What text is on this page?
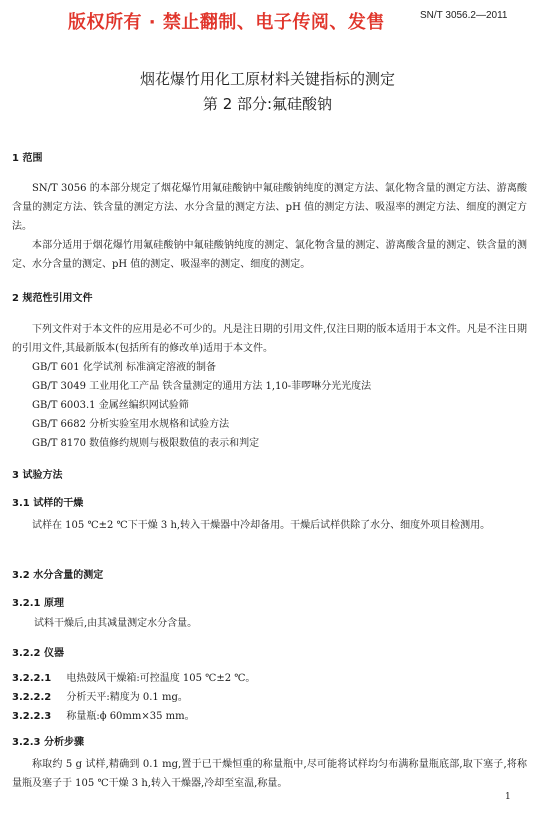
版权所有 · 禁止翻制、电子传阅、发售	SN/T 3056.2—2011
烟花爆竹用化工原材料关键指标的测定
第 2 部分:氟硅酸钠
1 范围
SN/T 3056 的本部分规定了烟花爆竹用氟硅酸钠中氟硅酸钠纯度的测定方法、氯化物含量的测定方法、游离酸含量的测定方法、铁含量的测定方法、水分含量的测定方法、pH 值的测定方法、吸湿率的测定方法、细度的测定方法。
本部分适用于烟花爆竹用氟硅酸钠中氟硅酸钠纯度的测定、氯化物含量的测定、游离酸含量的测定、铁含量的测定、水分含量的测定、pH 值的测定、吸湿率的测定、细度的测定。
2 规范性引用文件
下列文件对于本文件的应用是必不可少的。凡是注日期的引用文件,仅注日期的版本适用于本文件。凡是不注日期的引用文件,其最新版本(包括所有的修改单)适用于本文件。
GB/T 601 化学试剂 标准滴定溶液的制备
GB/T 3049 工业用化工产品 铁含量测定的通用方法 1,10-菲啰啉分光光度法
GB/T 6003.1 金属丝编织网试验筛
GB/T 6682 分析实验室用水规格和试验方法
GB/T 8170 数值修约规则与极限数值的表示和判定
3 试验方法
3.1 试样的干燥
试样在 105 ℃±2 ℃下干燥 3 h,转入干燥器中冷却备用。干燥后试样供除了水分、细度外项目检测用。
3.2 水分含量的测定
3.2.1 原理
试料干燥后,由其减量测定水分含量。
3.2.2 仪器
3.2.2.1 电热鼓风干燥箱:可控温度 105 ℃±2 ℃。
3.2.2.2 分析天平:精度为 0.1 mg。
3.2.2.3 称量瓶:ϕ 60mm×35 mm。
3.2.3 分析步骤
称取约 5 g 试样,精确到 0.1 mg,置于已干燥恒重的称量瓶中,尽可能将试样均匀布满称量瓶底部,取下塞子,将称量瓶及塞子于 105 ℃干燥 3 h,转入干燥器,冷却至室温,称量。
1
